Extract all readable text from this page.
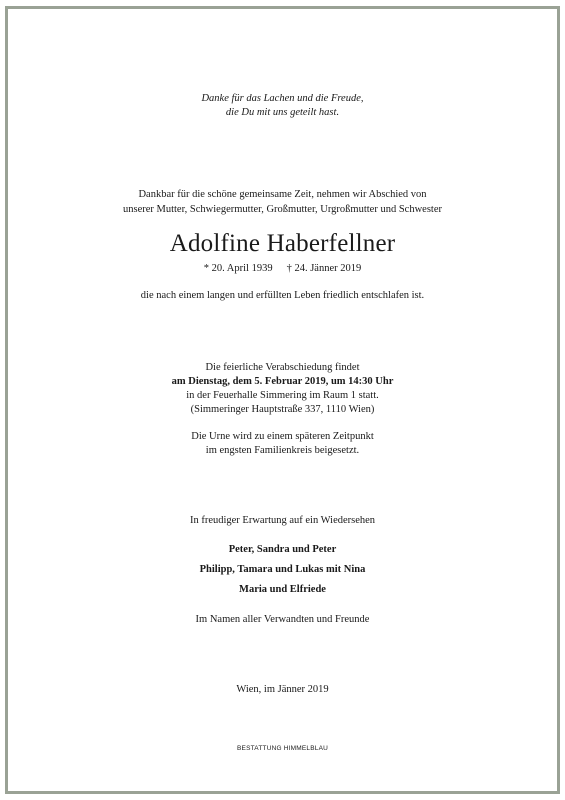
Danke für das Lachen und die Freude,
die Du mit uns geteilt hast.
Dankbar für die schöne gemeinsame Zeit, nehmen wir Abschied von
unserer Mutter, Schwiegermutter, Großmutter, Urgroßmutter und Schwester
Adolfine Haberfellner
* 20. April 1939 † 24. Jänner 2019
die nach einem langen und erfüllten Leben friedlich entschlafen ist.
Die feierliche Verabschiedung findet
am Dienstag, dem 5. Februar 2019, um 14:30 Uhr
in der Feuerhalle Simmering im Raum 1 statt.
(Simmeringer Hauptstraße 337, 1110 Wien)
Die Urne wird zu einem späteren Zeitpunkt
im engsten Familienkreis beigesetzt.
In freudiger Erwartung auf ein Wiedersehen
Peter, Sandra und Peter
Philipp, Tamara und Lukas mit Nina
Maria und Elfriede
Im Namen aller Verwandten und Freunde
Wien, im Jänner 2019
BESTATTUNG HIMMELBLAU
